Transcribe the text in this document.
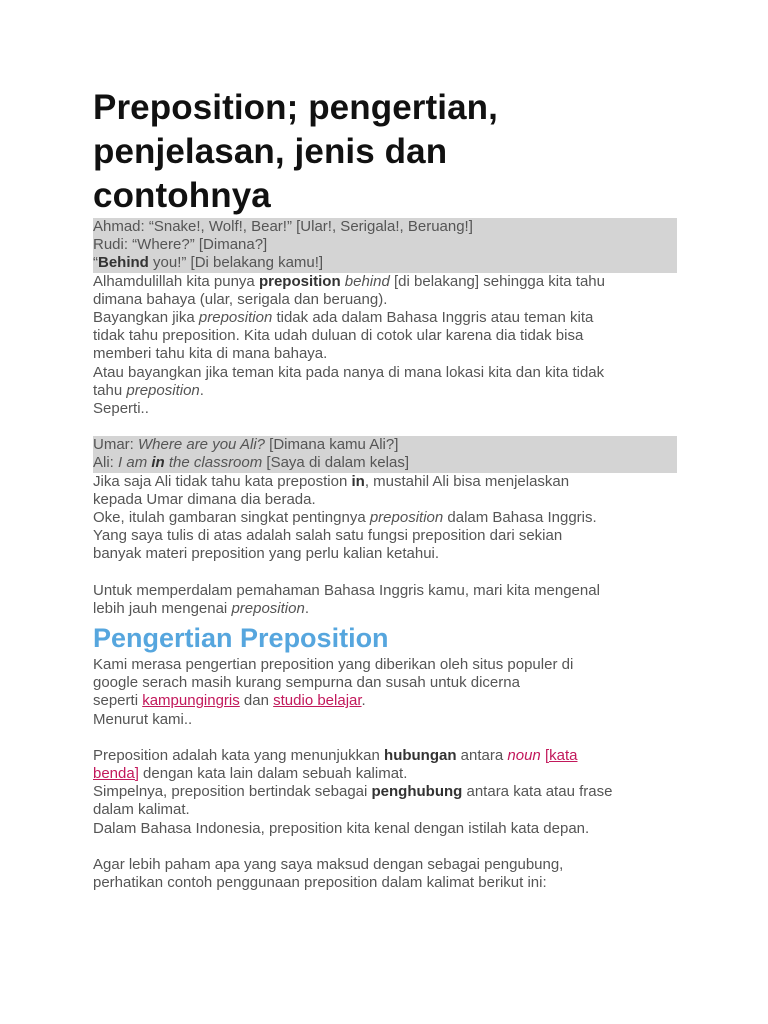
Preposition; pengertian,
penjelasan, jenis dan
contohnya
Ahmad: “Snake!, Wolf!, Bear!” [Ular!, Serigala!, Beruang!]
Rudi: “Where?” [Dimana?]
“Behind you!” [Di belakang kamu!]
Alhamdulillah kita punya preposition behind [di belakang] sehingga kita tahu
dimana bahaya (ular, serigala dan beruang).
Bayangkan jika preposition tidak ada dalam Bahasa Inggris atau teman kita
tidak tahu preposition. Kita udah duluan di cotok ular karena dia tidak bisa
memberi tahu kita di mana bahaya.
Atau bayangkan jika teman kita pada nanya di mana lokasi kita dan kita tidak
tahu preposition.
Seperti..
Umar: Where are you Ali? [Dimana kamu Ali?]
Ali: I am in the classroom [Saya di dalam kelas]
Jika saja Ali tidak tahu kata prepostion in, mustahil Ali bisa menjelaskan
kepada Umar dimana dia berada.
Oke, itulah gambaran singkat pentingnya preposition dalam Bahasa Inggris.
Yang saya tulis di atas adalah salah satu fungsi preposition dari sekian
banyak materi preposition yang perlu kalian ketahui.
Untuk memperdalam pemahaman Bahasa Inggris kamu, mari kita mengenal
lebih jauh mengenai preposition.
Pengertian Preposition
Kami merasa pengertian preposition yang diberikan oleh situs populer di
google serach masih kurang sempurna dan susah untuk dicerna
seperti kampungingris dan studio belajar.
Menurut kami..
Preposition adalah kata yang menunjukkan hubungan antara noun [kata
benda] dengan kata lain dalam sebuah kalimat.
Simpelnya, preposition bertindak sebagai penghubung antara kata atau frase
dalam kalimat.
Dalam Bahasa Indonesia, preposition kita kenal dengan istilah kata depan.
Agar lebih paham apa yang saya maksud dengan sebagai pengubung,
perhatikan contoh penggunaan preposition dalam kalimat berikut ini:
